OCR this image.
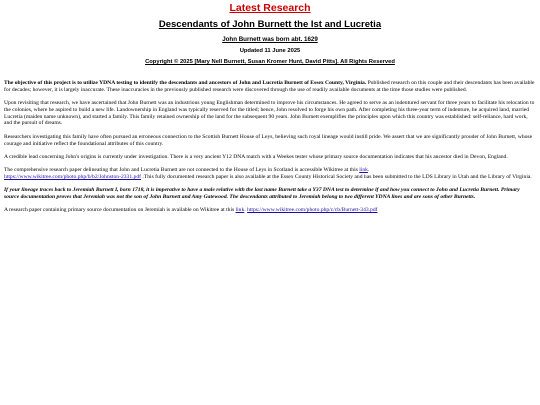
Latest Research
Descendants of John Burnett the Ist and Lucretia
John Burnett was born abt. 1629
Updated 11 June 2025
Copyright © 2025 [Mary Nell Burnett, Susan Kromer Hunt, David Pitts]. All Rights Reserved

The objective of this project is to utilize YDNA testing to identify the descendants and ancestors of John and Lucretia Burnett of Essex County, Virginia. Published research on this couple and their descendants has been available for decades; however, it is largely inaccurate. These inaccuracies in the previously published research were discovered through the use of readily available documents at the time those studies were published.

Upon revisiting that research, we have ascertained that John Burnett was an industrious young Englishman determined to improve his circumstances. He agreed to serve as an indentured servant for three years to facilitate his relocation to the colonies, where he aspired to build a new life. Landownership in England was typically reserved for the titled; hence, John resolved to forge his own path. After completing his three-year term of indenture, he acquired land, married Lucretia (maiden name unknown), and started a family. This family retained ownership of the land for the subsequent 90 years. John Burnett exemplifies the principles upon which this country was established: self-reliance, hard work, and the pursuit of dreams.

Researchers investigating this family have often pursued an erroneous connection to the Scottish Burnett House of Leys, believing such royal lineage would instill pride. We assert that we are significantly prouder of John Burnett, whose courage and initiative reflect the foundational attributes of this country.

A credible lead concerning John's origins is currently under investigation. There is a very ancient Y12 DNA match with a Weekes tester whose primary source documentation indicates that his ancestor died in Devon, England.

The comprehensive research paper delineating that John and Lucretia Burnett are not connected to the House of Leys in Scotland is accessible Wikitree at this link.
https://www.wikitree.com/photo.php/b/b2/Johnston-2331.pdf .This fully documented research paper is also available at the Essex County Historical Society and has been submitted to the LDS Library in Utah and the Library of Virginia.

If your lineage traces back to Jeremiah Burnett I, born 1718, it is imperative to have a male relative with the last name Burnett take a Y37 DNA test to determine if and how you connect to John and Lucretia Burnett. Primary source documentation proves that Jeremiah was not the son of John Burnett and Amy Gatewood. The descendants attributed to Jeremiah belong to two different YDNA lines and are sons of other Burnetts.

A research paper containing primary source documentation on Jeremiah is available on Wikitree at this link. https://www.wikitree.com/photo.php/c/cb/Burnett-343.pdf
